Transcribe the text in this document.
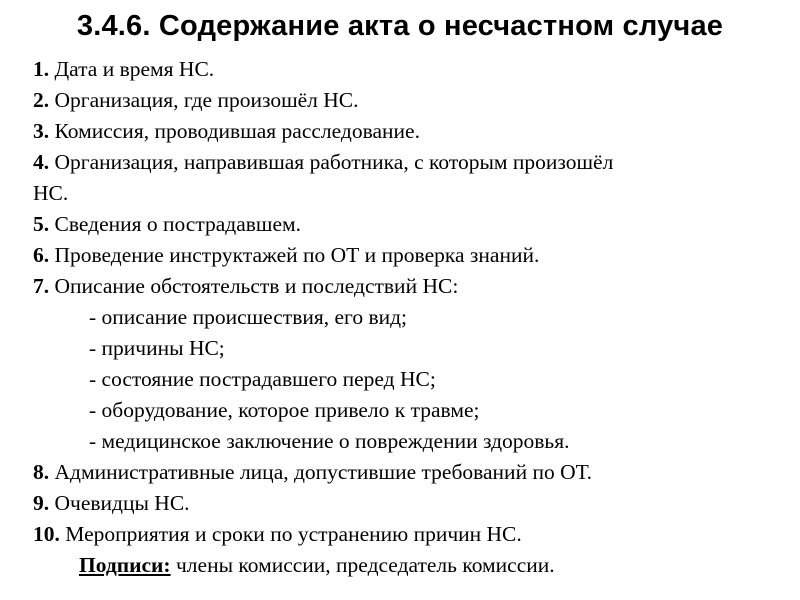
3.4.6. Содержание акта о несчастном случае
1. Дата и время НС.
2. Организация, где произошёл НС.
3. Комиссия, проводившая расследование.
4. Организация, направившая работника, с которым произошёл
НС.
5. Сведения о пострадавшем.
6. Проведение инструктажей по ОТ и проверка знаний.
7. Описание обстоятельств и последствий НС:
- описание происшествия, его вид;
- причины НС;
- состояние пострадавшего перед НС;
- оборудование, которое привело к травме;
- медицинское заключение о повреждении здоровья.
8. Административные лица, допустившие требований по ОТ.
9. Очевидцы НС.
10. Мероприятия и сроки по устранению причин НС.
Подписи: члены комиссии, председатель комиссии.
